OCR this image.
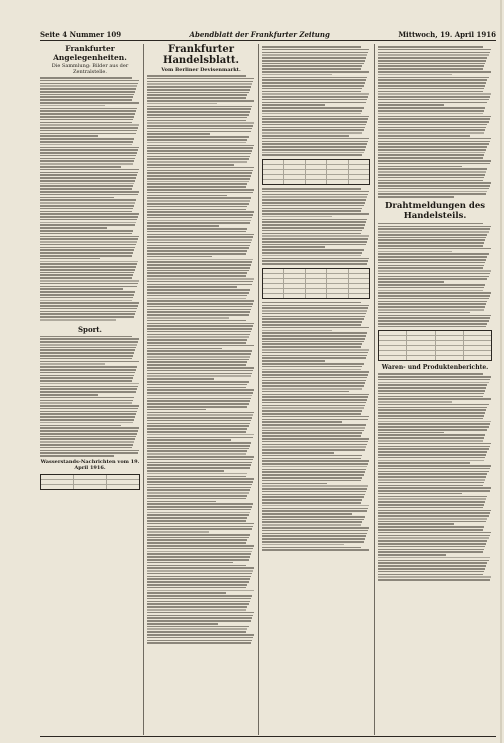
Seite 4 Nummer 109	Abendblatt der Frankfurter Zeitung	Mittwoch, 19. April 1916
Frankfurter Angelegenheiten.
Die Sammlung: Bilder aus der Zentralstelle.
Sport.
Wasserstands-Nachrichten vom 19. April 1916.
Frankfurter Handelsblatt.
Vom Berliner Devisenmarkt.
Drahtmeldungen des Handelsteils.
Waren- und Produktenberichte.
